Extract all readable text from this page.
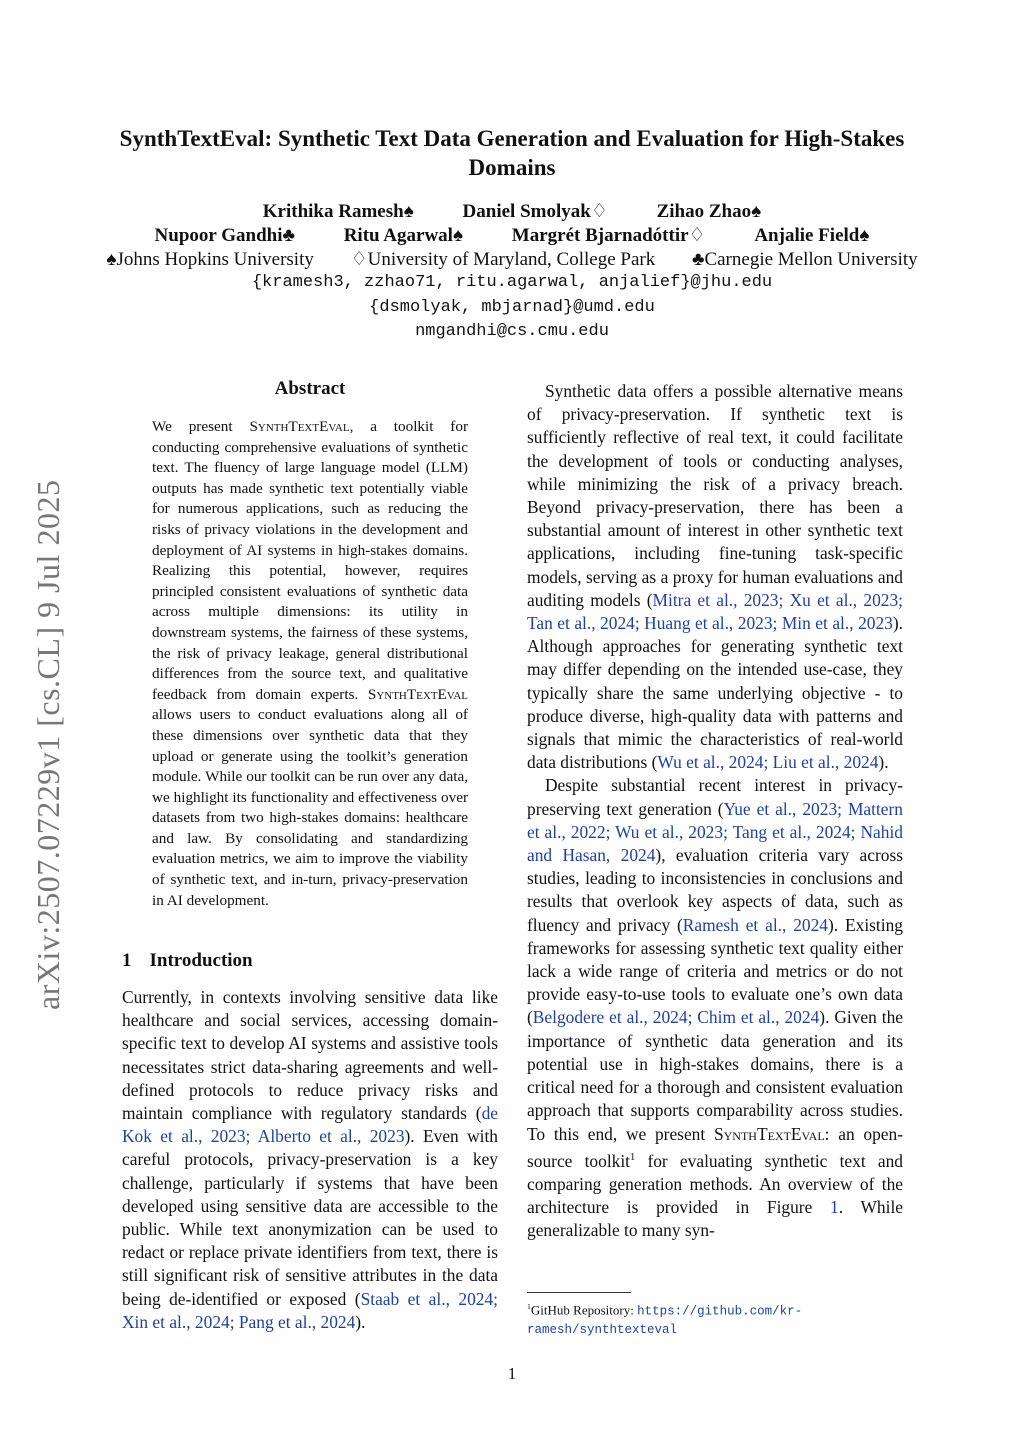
SynthTextEval: Synthetic Text Data Generation and Evaluation for High-Stakes Domains
Krithika Ramesh♠	Daniel Smolyak♢	Zihao Zhao♠
Nupoor Gandhi♣	Ritu Agarwal♠	Margrét Bjarnadóttir♢	Anjalie Field♠
♠Johns Hopkins University ♢University of Maryland, College Park ♣Carnegie Mellon University
{kramesh3, zzhao71, ritu.agarwal, anjalief}@jhu.edu
{dsmolyak, mbjarnad}@umd.edu
nmgandhi@cs.cmu.edu
arXiv:2507.07229v1 [cs.CL] 9 Jul 2025
Abstract
We present SynthTextEval, a toolkit for conducting comprehensive evaluations of synthetic text. The fluency of large language model (LLM) outputs has made synthetic text potentially viable for numerous applications, such as reducing the risks of privacy violations in the development and deployment of AI systems in high-stakes domains. Realizing this potential, however, requires principled consistent evaluations of synthetic data across multiple dimensions: its utility in downstream systems, the fairness of these systems, the risk of privacy leakage, general distributional differences from the source text, and qualitative feedback from domain experts. SynthTextEval allows users to conduct evaluations along all of these dimensions over synthetic data that they upload or generate using the toolkit’s generation module. While our toolkit can be run over any data, we highlight its functionality and effectiveness over datasets from two high-stakes domains: healthcare and law. By consolidating and standardizing evaluation metrics, we aim to improve the viability of synthetic text, and in-turn, privacy-preservation in AI development.
1 Introduction

Currently, in contexts involving sensitive data like healthcare and social services, accessing domain-specific text to develop AI systems and assistive tools necessitates strict data-sharing agreements and well-defined protocols to reduce privacy risks and maintain compliance with regulatory standards (de Kok et al., 2023; Alberto et al., 2023). Even with careful protocols, privacy-preservation is a key challenge, particularly if systems that have been developed using sensitive data are accessible to the public. While text anonymization can be used to redact or replace private identifiers from text, there is still significant risk of sensitive attributes in the data being de-identified or exposed (Staab et al., 2024; Xin et al., 2024; Pang et al., 2024).

Synthetic data offers a possible alternative means of privacy-preservation. If synthetic text is sufficiently reflective of real text, it could facilitate the development of tools or conducting analyses, while minimizing the risk of a privacy breach. Beyond privacy-preservation, there has been a substantial amount of interest in other synthetic text applications, including fine-tuning task-specific models, serving as a proxy for human evaluations and auditing models (Mitra et al., 2023; Xu et al., 2023; Tan et al., 2024; Huang et al., 2023; Min et al., 2023). Although approaches for generating synthetic text may differ depending on the intended use-case, they typically share the same underlying objective - to produce diverse, high-quality data with patterns and signals that mimic the characteristics of real-world data distributions (Wu et al., 2024; Liu et al., 2024).

Despite substantial recent interest in privacy-preserving text generation (Yue et al., 2023; Mattern et al., 2022; Wu et al., 2023; Tang et al., 2024; Nahid and Hasan, 2024), evaluation criteria vary across studies, leading to inconsistencies in conclusions and results that overlook key aspects of data, such as fluency and privacy (Ramesh et al., 2024). Existing frameworks for assessing synthetic text quality either lack a wide range of criteria and metrics or do not provide easy-to-use tools to evaluate one’s own data (Belgodere et al., 2024; Chim et al., 2024). Given the importance of synthetic data generation and its potential use in high-stakes domains, there is a critical need for a thorough and consistent evaluation approach that supports comparability across studies. To this end, we present SynthTextEval: an open-source toolkit$^1$ for evaluating synthetic text and comparing generation methods. An overview of the architecture is provided in Figure 1. While generalizable to many syn-

$^1$GitHub Repository: https://github.com/kr-ramesh/synthtexteval
1
